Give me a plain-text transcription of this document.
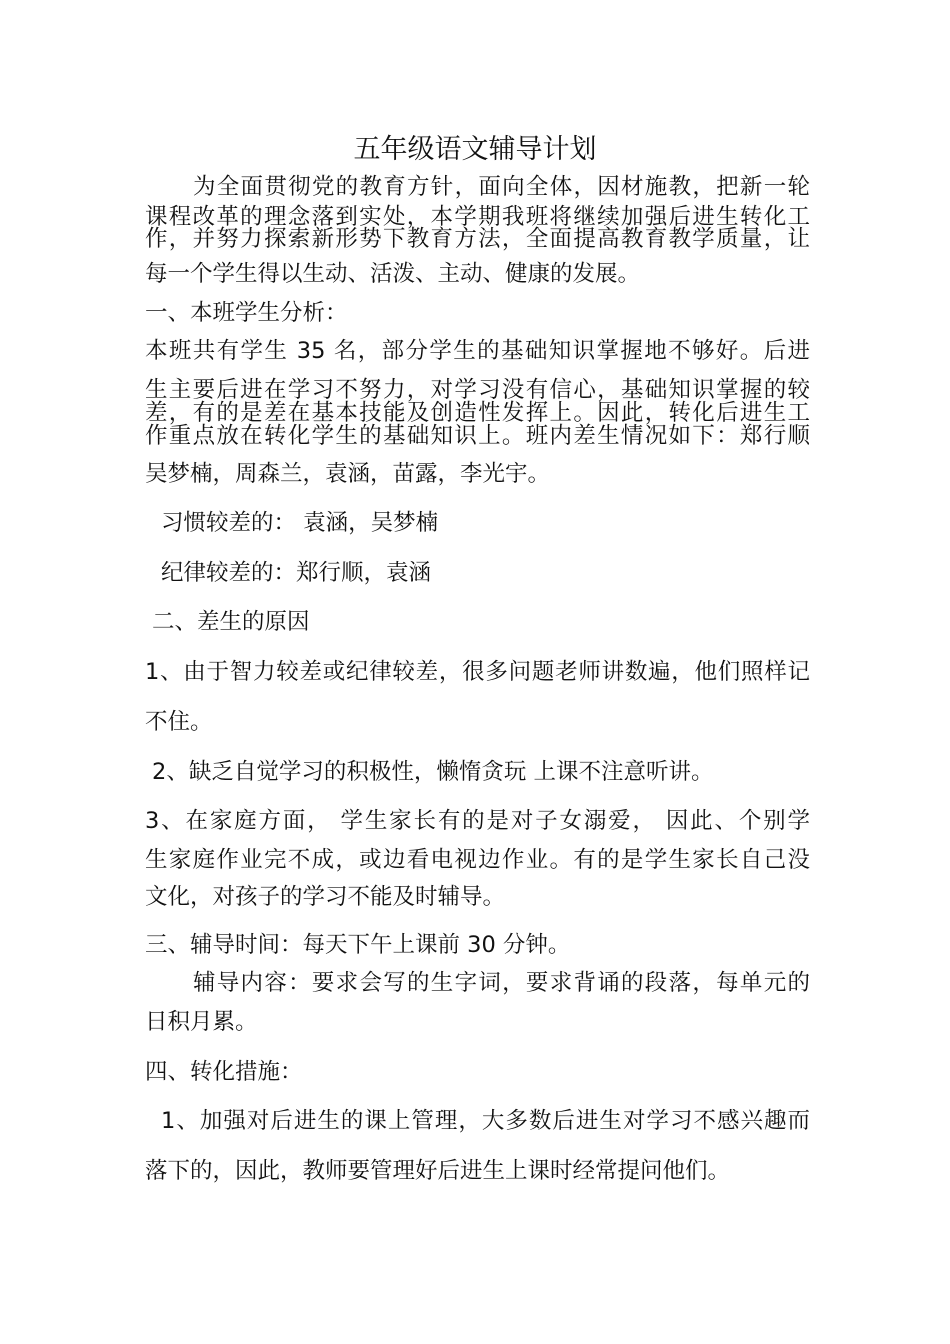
五年级语文辅导计划
为全面贯彻党的教育方针，面向全体，因材施教，把新一轮
课程改革的理念落到实处，本学期我班将继续加强后进生转化工
作，并努力探索新形势下教育方法，全面提高教育教学质量，让
每一个学生得以生动、活泼、主动、健康的发展。
一、本班学生分析：
本班共有学生 35 名，部分学生的基础知识掌握地不够好。后进
生主要后进在学习不努力，对学习没有信心，基础知识掌握的较
差，有的是差在基本技能及创造性发挥上。因此，转化后进生工
作重点放在转化学生的基础知识上。班内差生情况如下：郑行顺
吴梦楠，周森兰，袁涵，苗露，李光宇。
习惯较差的： 袁涵，吴梦楠
纪律较差的：郑行顺，袁涵
二、差生的原因
1、由于智力较差或纪律较差，很多问题老师讲数遍，他们照样记
不住。
2、缺乏自觉学习的积极性，懒惰贪玩 上课不注意听讲。
3、在家庭方面， 学生家长有的是对子女溺爱， 因此、个别学
生家庭作业完不成，或边看电视边作业。有的是学生家长自己没
文化，对孩子的学习不能及时辅导。
三、辅导时间：每天下午上课前 30 分钟。
辅导内容：要求会写的生字词，要求背诵的段落，每单元的
日积月累。
四、转化措施：
1、加强对后进生的课上管理，大多数后进生对学习不感兴趣而
落下的，因此，教师要管理好后进生上课时经常提问他们。
